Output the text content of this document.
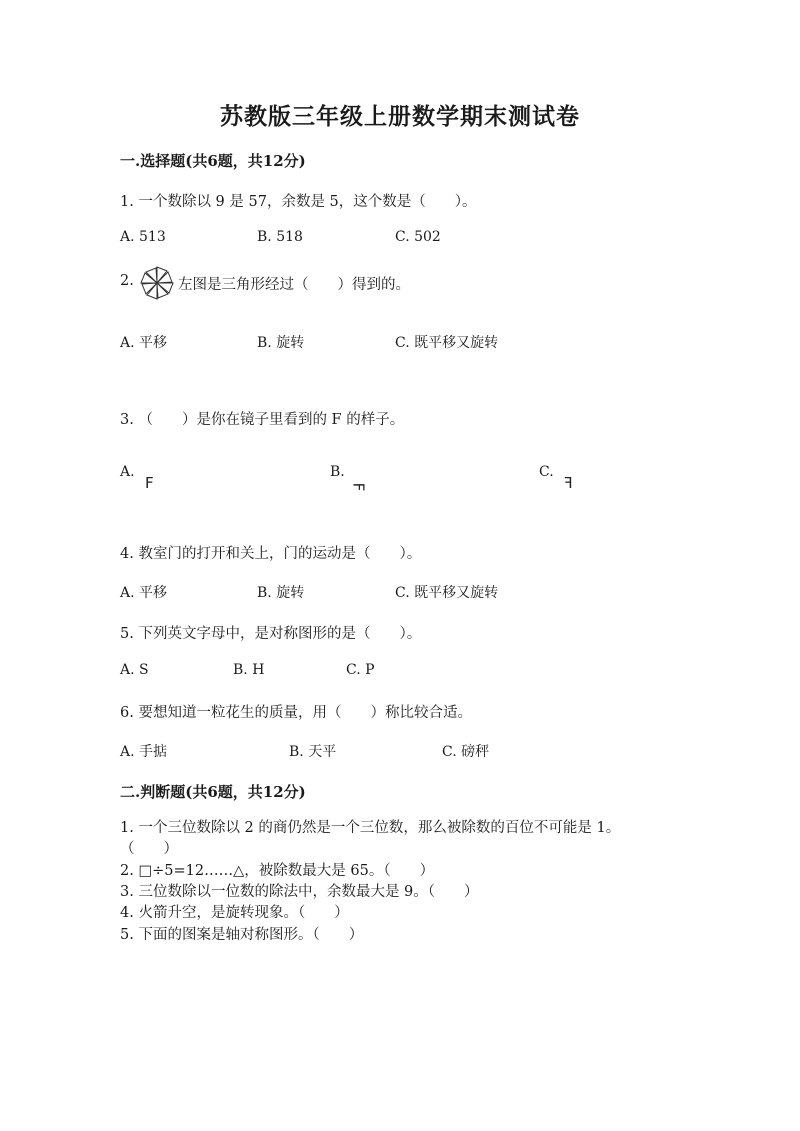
苏教版三年级上册数学期末测试卷
一.选择题(共6题，共12分)
1. 一个数除以 9 是 57，余数是 5，这个数是（　　）。
A. 513	B. 518	C. 502
2.	左图是三角形经过（　　）得到的。
A. 平移	B. 旋转	C. 既平移又旋转
3. （　　）是你在镜子里看到的 F 的样子。
A.
F
B.
F
C.
F
4. 教室门的打开和关上，门的运动是（　　）。
A. 平移	B. 旋转	C. 既平移又旋转
5. 下列英文字母中，是对称图形的是（　　）。
A. S	B. H	C. P
6. 要想知道一粒花生的质量，用（　　）称比较合适。
A. 手掂	B. 天平	C. 磅秤
二.判断题(共6题，共12分)
1. 一个三位数除以 2 的商仍然是一个三位数，那么被除数的百位不可能是 1。
（　　）
2. □÷5=12……△，被除数最大是 65。（　　）
3. 三位数除以一位数的除法中，余数最大是 9。（　　）
4. 火箭升空，是旋转现象。（　　）
5. 下面的图案是轴对称图形。（　　）
